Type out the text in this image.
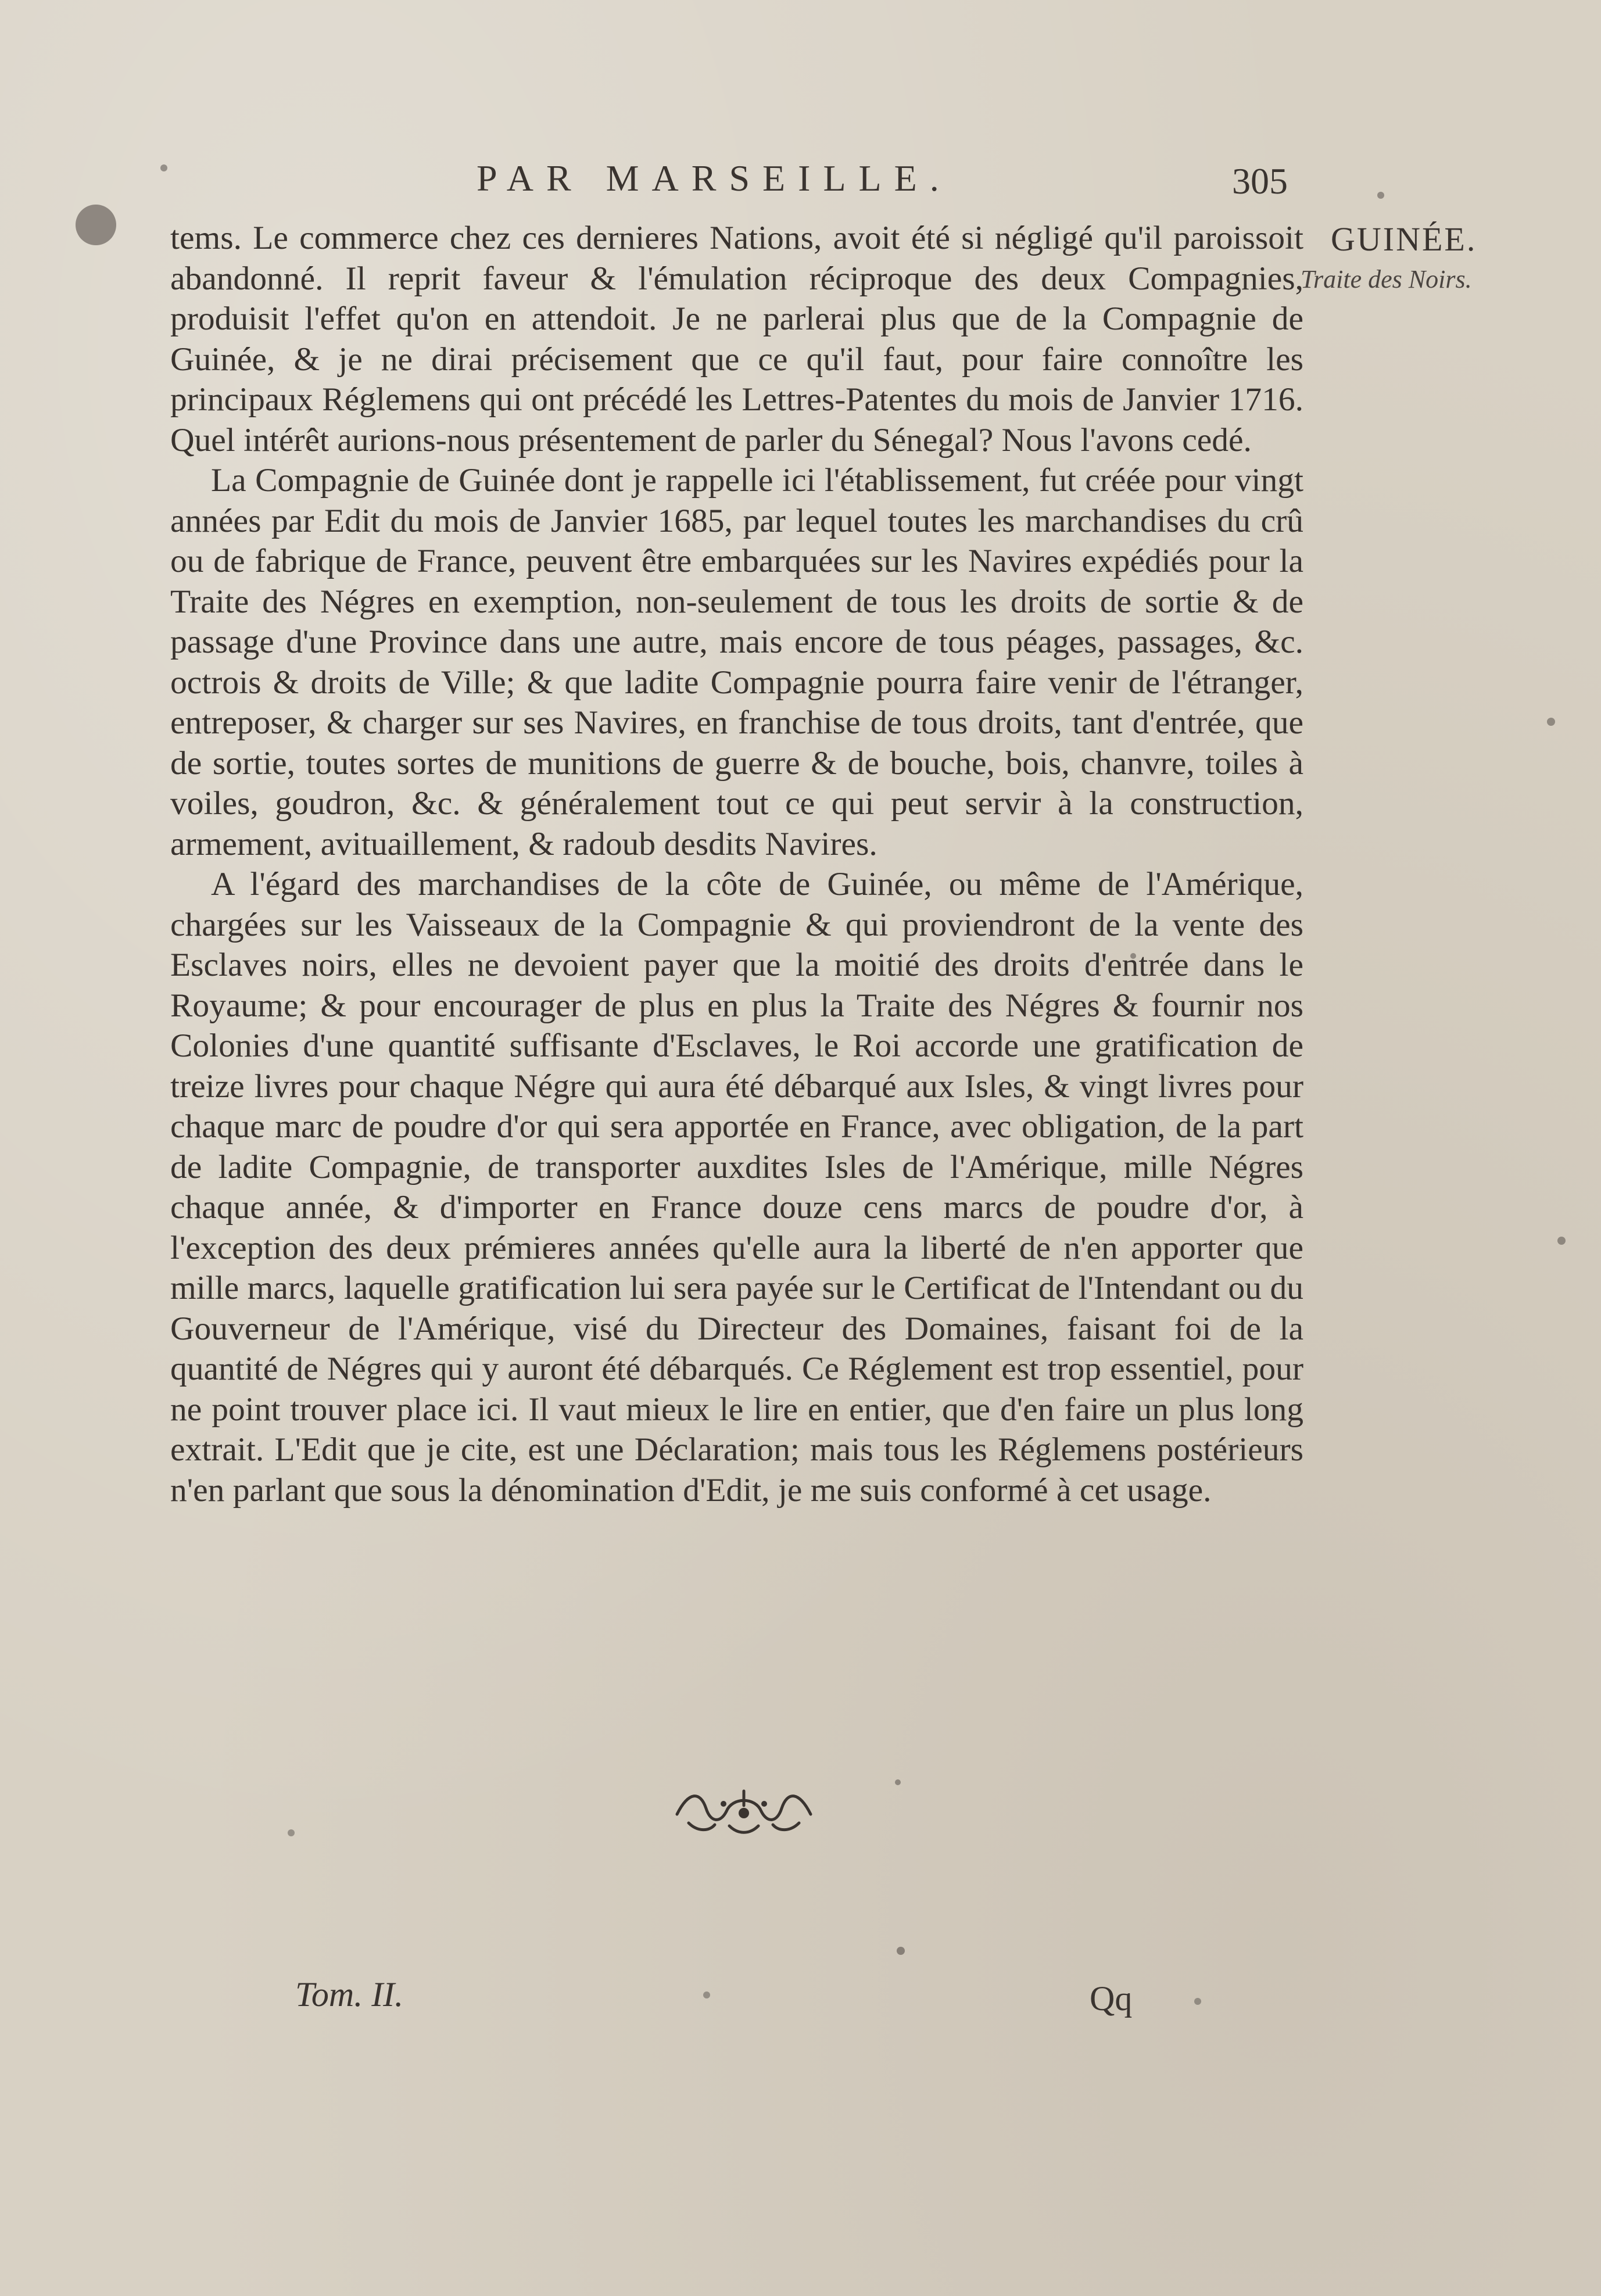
PAR MARSEILLE.	305
GUINÉE.
Traite des Noirs.

tems. Le commerce chez ces dernieres Nations, avoit été si négligé qu'il paroissoit abandonné. Il reprit faveur & l'émulation réciproque des deux Compagnies, produisit l'effet qu'on en attendoit. Je ne parlerai plus que de la Compagnie de Guinée, & je ne dirai précisement que ce qu'il faut, pour faire connoître les principaux Réglemens qui ont précédé les Lettres-Patentes du mois de Janvier 1716. Quel intérêt aurions-nous présentement de parler du Sénegal? Nous l'avons cedé.

La Compagnie de Guinée dont je rappelle ici l'établissement, fut créée pour vingt années par Edit du mois de Janvier 1685, par lequel toutes les marchandises du crû ou de fabrique de France, peuvent être embarquées sur les Navires expédiés pour la Traite des Négres en exemption, non-seulement de tous les droits de sortie & de passage d'une Province dans une autre, mais encore de tous péages, passages, &c. octrois & droits de Ville; & que ladite Compagnie pourra faire venir de l'étranger, entreposer, & charger sur ses Navires, en franchise de tous droits, tant d'entrée, que de sortie, toutes sortes de munitions de guerre & de bouche, bois, chanvre, toiles à voiles, goudron, &c. & généralement tout ce qui peut servir à la construction, armement, avituaillement, & radoub desdits Navires.

A l'égard des marchandises de la côte de Guinée, ou même de l'Amérique, chargées sur les Vaisseaux de la Compagnie & qui proviendront de la vente des Esclaves noirs, elles ne devoient payer que la moitié des droits d'entrée dans le Royaume; & pour encourager de plus en plus la Traite des Négres & fournir nos Colonies d'une quantité suffisante d'Esclaves, le Roi accorde une gratification de treize livres pour chaque Négre qui aura été débarqué aux Isles, & vingt livres pour chaque marc de poudre d'or qui sera apportée en France, avec obligation, de la part de ladite Compagnie, de transporter auxdites Isles de l'Amérique, mille Négres chaque année, & d'importer en France douze cens marcs de poudre d'or, à l'exception des deux prémieres années qu'elle aura la liberté de n'en apporter que mille marcs, laquelle gratification lui sera payée sur le Certificat de l'Intendant ou du Gouverneur de l'Amérique, visé du Directeur des Domaines, faisant foi de la quantité de Négres qui y auront été débarqués. Ce Réglement est trop essentiel, pour ne point trouver place ici. Il vaut mieux le lire en entier, que d'en faire un plus long extrait. L'Edit que je cite, est une Déclaration; mais tous les Réglemens postérieurs n'en parlant que sous la dénomination d'Edit, je me suis conformé à cet usage.

Tom. II.	Qq
